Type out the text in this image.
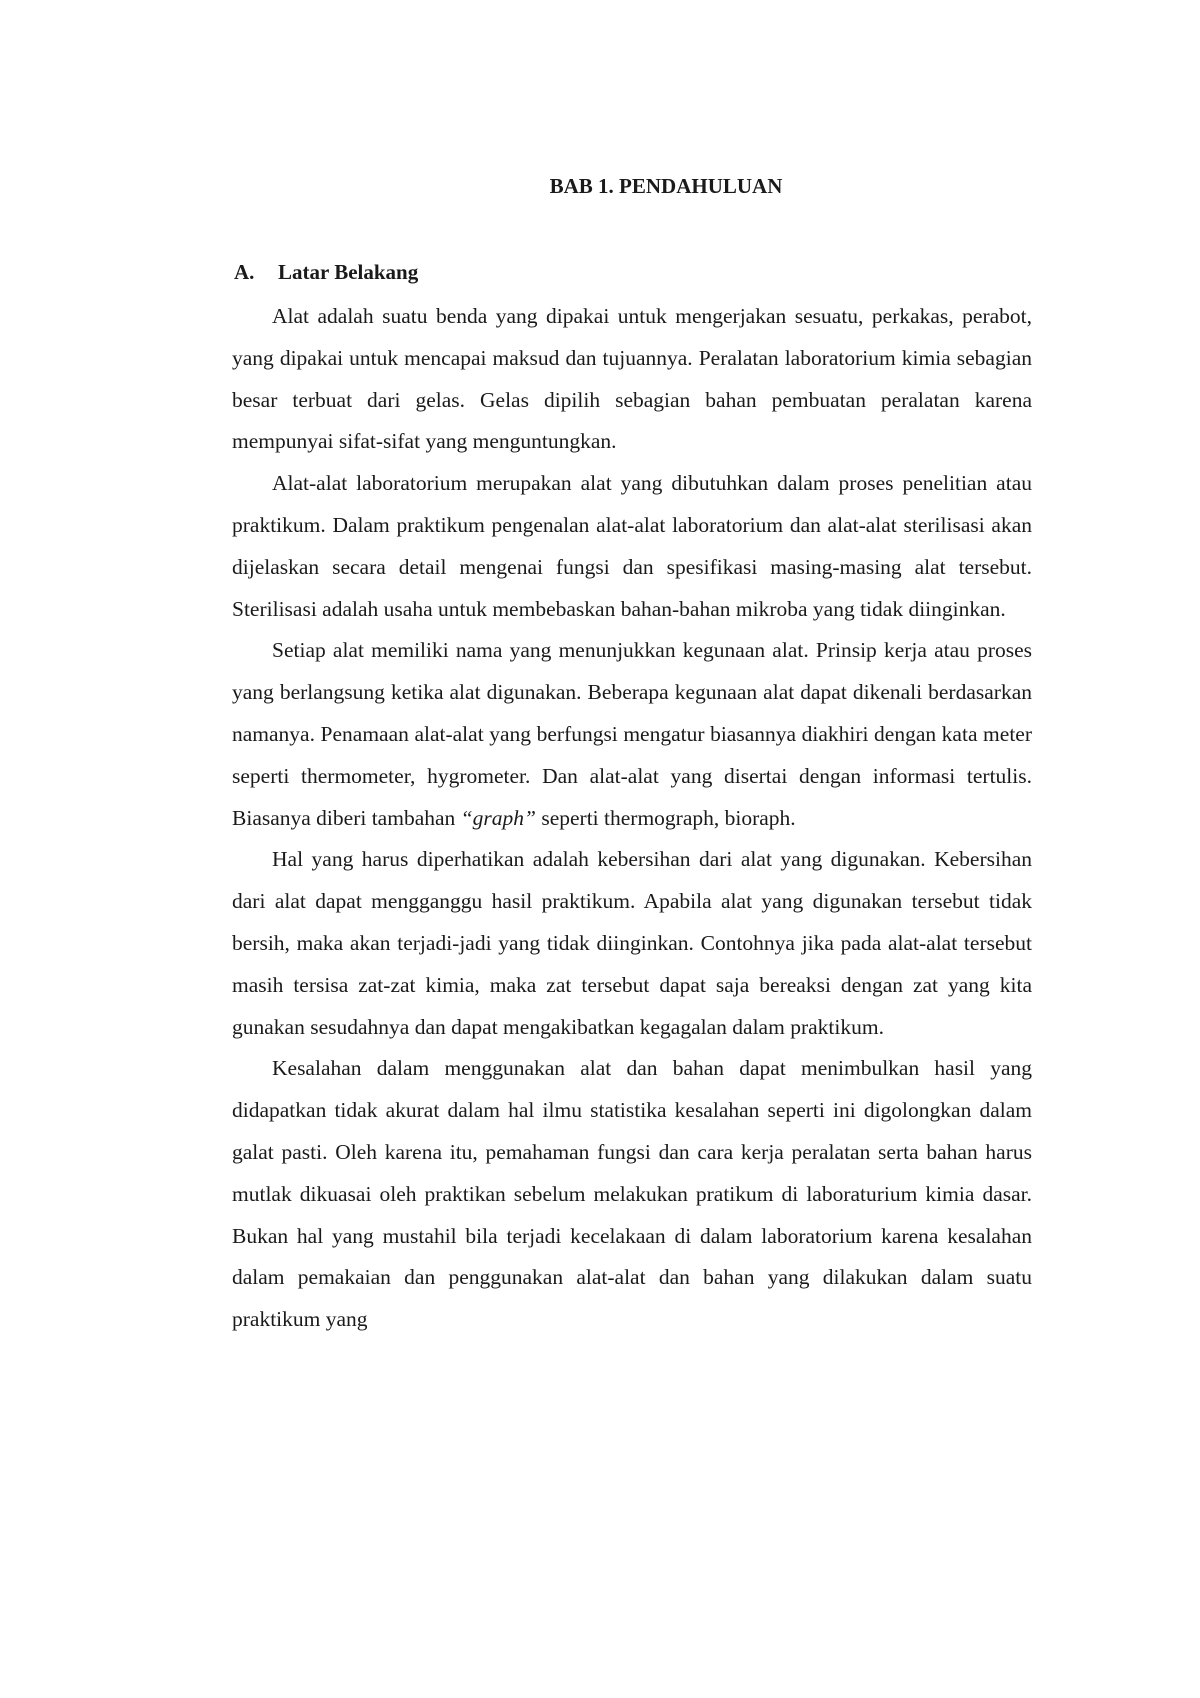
BAB 1. PENDAHULUAN
A. Latar Belakang

Alat adalah suatu benda yang dipakai untuk mengerjakan sesuatu, perkakas, perabot, yang dipakai untuk mencapai maksud dan tujuannya. Peralatan laboratorium kimia sebagian besar terbuat dari gelas. Gelas dipilih sebagian bahan pembuatan peralatan karena mempunyai sifat-sifat yang menguntungkan.

Alat-alat laboratorium merupakan alat yang dibutuhkan dalam proses penelitian atau praktikum. Dalam praktikum pengenalan alat-alat laboratorium dan alat-alat sterilisasi akan dijelaskan secara detail mengenai fungsi dan spesifikasi masing-masing alat tersebut. Sterilisasi adalah usaha untuk membebaskan bahan-bahan mikroba yang tidak diinginkan.

Setiap alat memiliki nama yang menunjukkan kegunaan alat. Prinsip kerja atau proses yang berlangsung ketika alat digunakan. Beberapa kegunaan alat dapat dikenali berdasarkan namanya. Penamaan alat-alat yang berfungsi mengatur biasannya diakhiri dengan kata meter seperti thermometer, hygrometer. Dan alat-alat yang disertai dengan informasi tertulis. Biasanya diberi tambahan “graph” seperti thermograph, bioraph.

Hal yang harus diperhatikan adalah kebersihan dari alat yang digunakan. Kebersihan dari alat dapat mengganggu hasil praktikum. Apabila alat yang digunakan tersebut tidak bersih, maka akan terjadi-jadi yang tidak diinginkan. Contohnya jika pada alat-alat tersebut masih tersisa zat-zat kimia, maka zat tersebut dapat saja bereaksi dengan zat yang kita gunakan sesudahnya dan dapat mengakibatkan kegagalan dalam praktikum.

Kesalahan dalam menggunakan alat dan bahan dapat menimbulkan hasil yang didapatkan tidak akurat dalam hal ilmu statistika kesalahan seperti ini digolongkan dalam galat pasti. Oleh karena itu, pemahaman fungsi dan cara kerja peralatan serta bahan harus mutlak dikuasai oleh praktikan sebelum melakukan pratikum di laboraturium kimia dasar. Bukan hal yang mustahil bila terjadi kecelakaan di dalam laboratorium karena kesalahan dalam pemakaian dan penggunakan alat-alat dan bahan yang dilakukan dalam suatu praktikum yang
